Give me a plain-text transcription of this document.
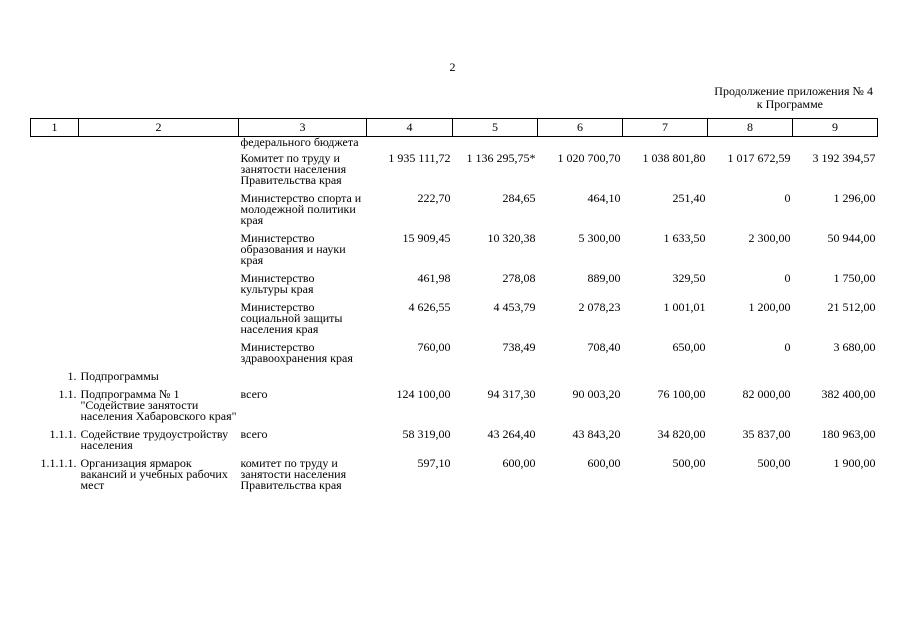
2
Продолжение приложения № 4
к Программе
1	2	3	4	5	6	7	8	9
		федерального бюджета						
		Комитет по труду и занятости населения Правительства края	1 935 111,72	1 136 295,75*	1 020 700,70	1 038 801,80	1 017 672,59	3 192 394,57
		Министерство спорта и молодежной политики края	222,70	284,65	464,10	251,40	0	1 296,00
		Министерство образования и науки края	15 909,45	10 320,38	5 300,00	1 633,50	2 300,00	50 944,00
		Министерство культуры края	461,98	278,08	889,00	329,50	0	1 750,00
		Министерство социальной защиты населения края	4 626,55	4 453,79	2 078,23	1 001,01	1 200,00	21 512,00
		Министерство здравоохранения края	760,00	738,49	708,40	650,00	0	3 680,00
1.	Подпрограммы							
1.1.	Подпрограмма № 1 "Содействие занятости населения Хабаровского края"	всего	124 100,00	94 317,30	90 003,20	76 100,00	82 000,00	382 400,00
1.1.1.	Содействие трудоустройству населения	всего	58 319,00	43 264,40	43 843,20	34 820,00	35 837,00	180 963,00
1.1.1.1.	Организация ярмарок вакансий и учебных рабочих мест	комитет по труду и занятости населения Правительства края	597,10	600,00	600,00	500,00	500,00	1 900,00
